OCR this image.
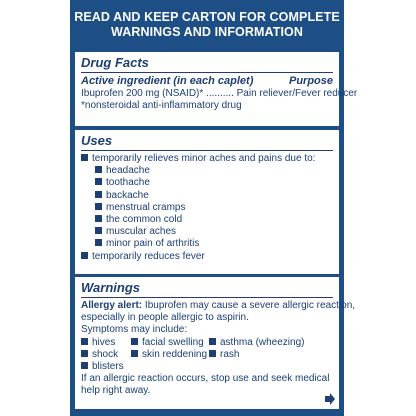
READ AND KEEP CARTON FOR COMPLETE
WARNINGS AND INFORMATION
Drug Facts
Active ingredient (in each caplet)	Purpose
Ibuprofen 200 mg (NSAID)* .......... Pain reliever/Fever reducer
*nonsteroidal anti-inflammatory drug
Uses
temporarily relieves minor aches and pains due to:
headache
toothache
backache
menstrual cramps
the common cold
muscular aches
minor pain of arthritis
temporarily reduces fever
Warnings
Allergy alert: Ibuprofen may cause a severe allergic reaction,
especially in people allergic to aspirin.
Symptoms may include:
hives	facial swelling	asthma (wheezing)
shock	skin reddening	rash
blisters
If an allergic reaction occurs, stop use and seek medical
help right away.
